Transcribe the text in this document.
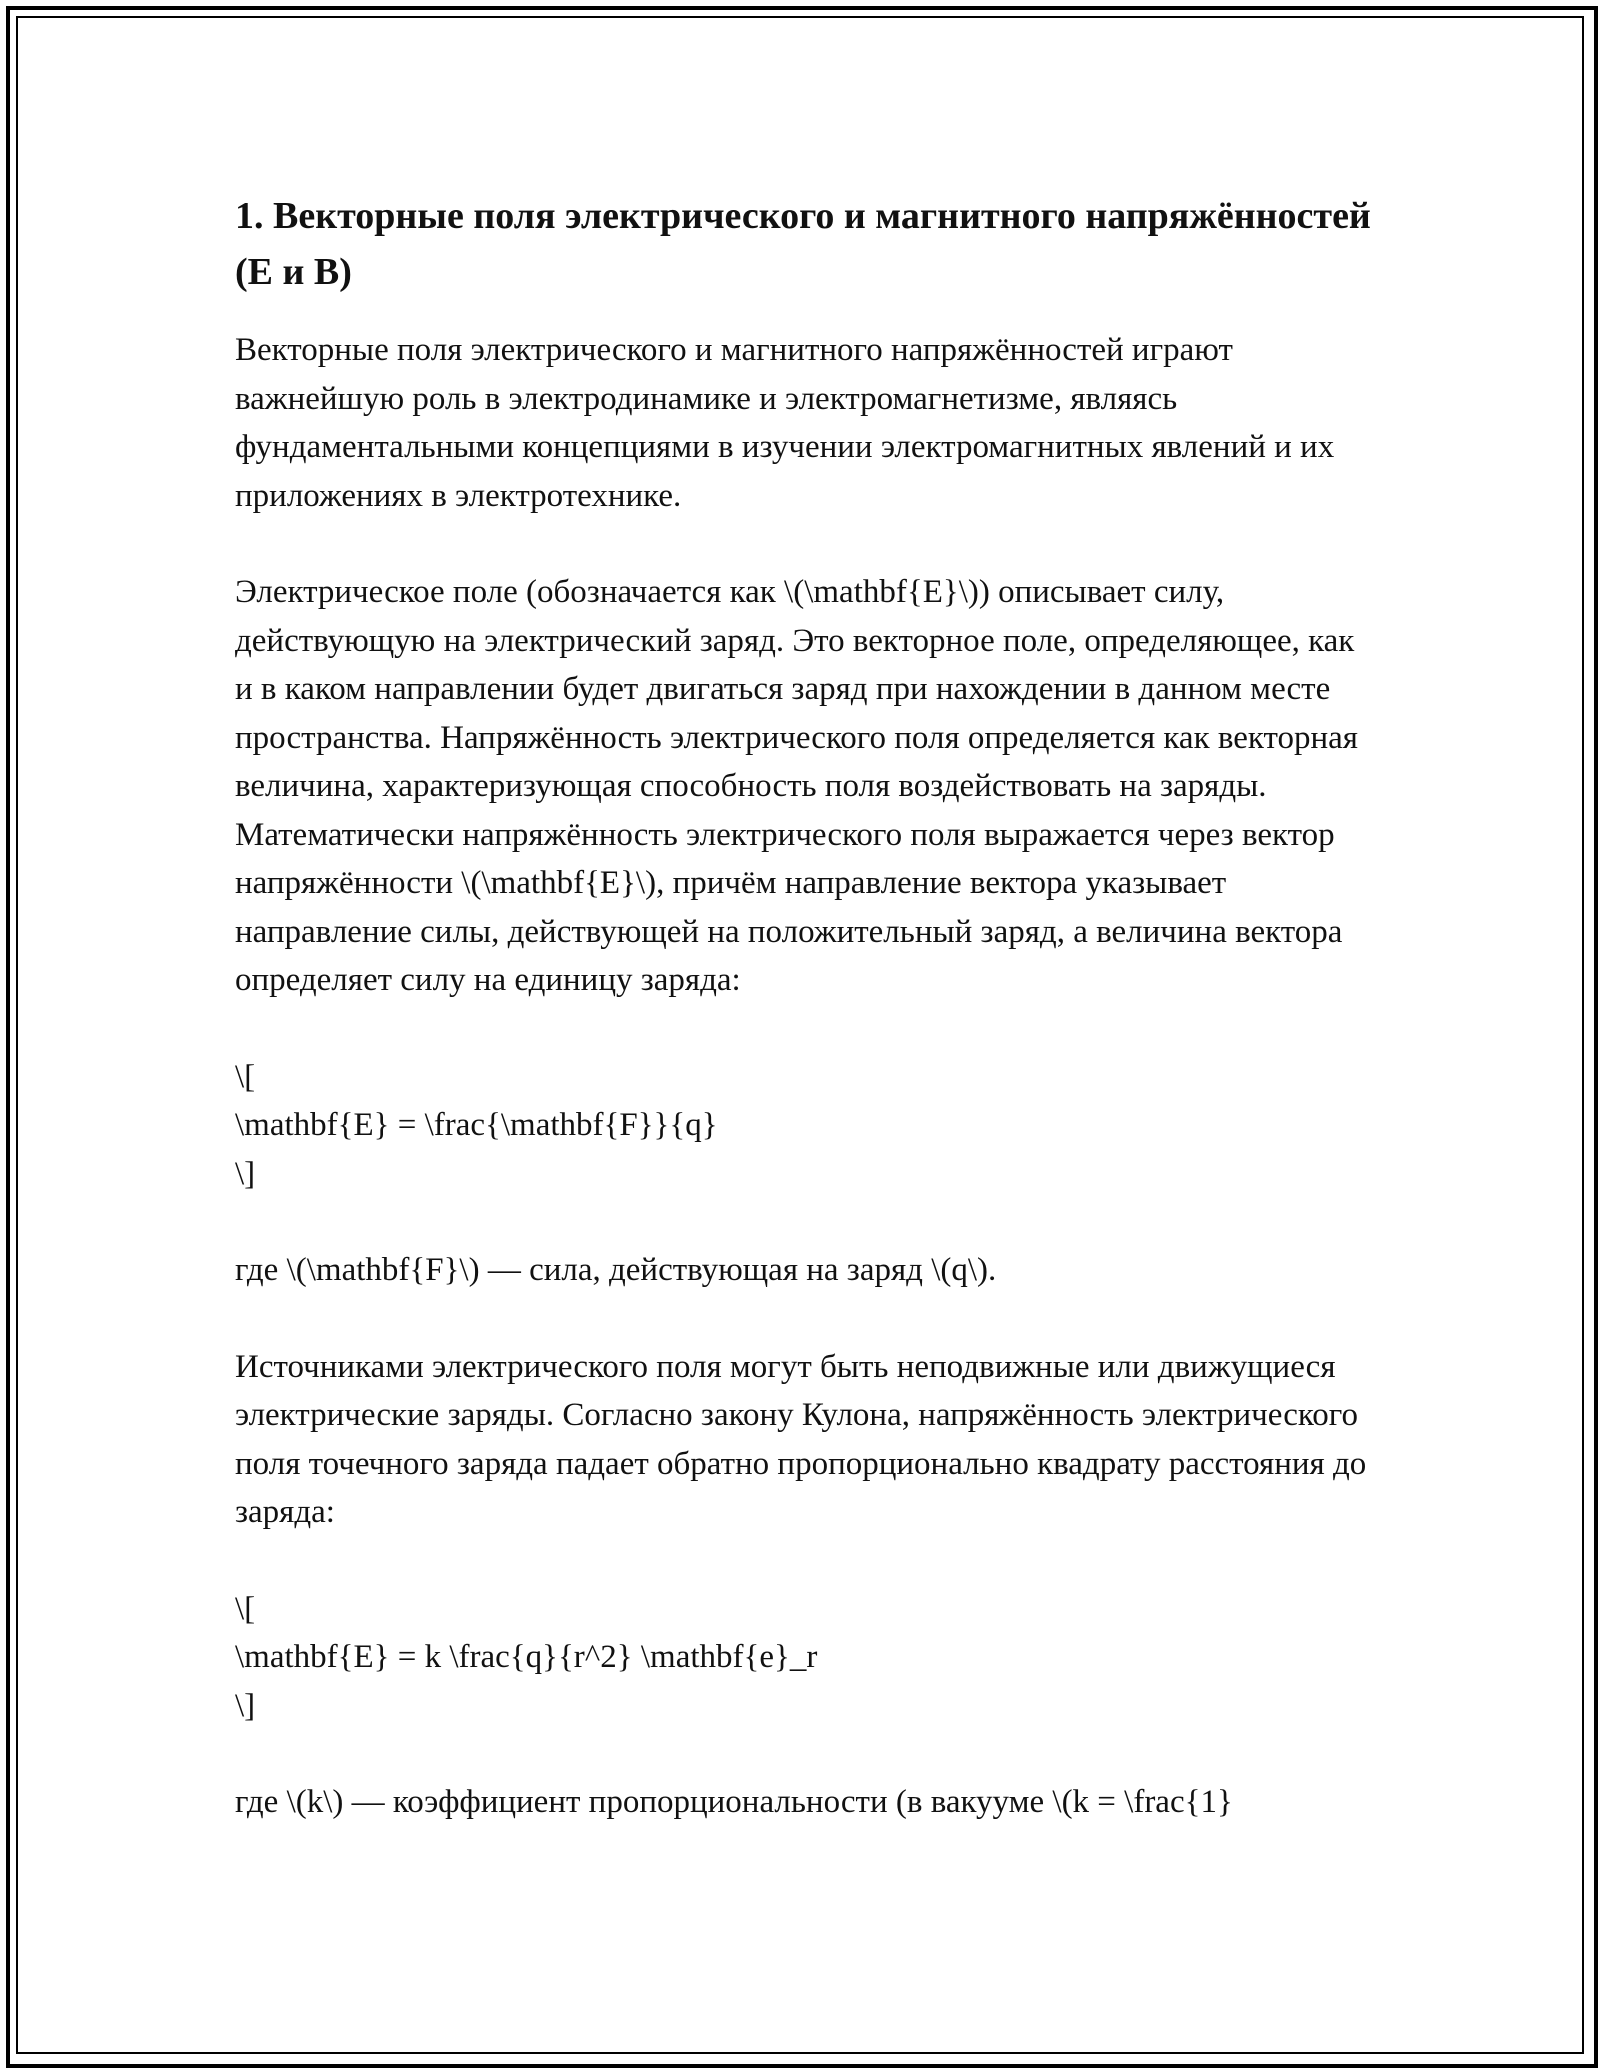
1. Векторные поля электрического и магнитного напряжённостей (E и B)

Векторные поля электрического и магнитного напряжённостей играют важнейшую роль в электродинамике и электромагнетизме, являясь фундаментальными концепциями в изучении электромагнитных явлений и их приложениях в электротехнике.

Электрическое поле (обозначается как \(\mathbf{E}\)) описывает силу, действующую на электрический заряд. Это векторное поле, определяющее, как и в каком направлении будет двигаться заряд при нахождении в данном месте пространства. Напряжённость электрического поля определяется как векторная величина, характеризующая способность поля воздействовать на заряды. Математически напряжённость электрического поля выражается через вектор напряжённости \(\mathbf{E}\), причём направление вектора указывает направление силы, действующей на положительный заряд, а величина вектора определяет силу на единицу заряда:

\[
\mathbf{E} = \frac{\mathbf{F}}{q}
\]

где \(\mathbf{F}\) — сила, действующая на заряд \(q\).

Источниками электрического поля могут быть неподвижные или движущиеся электрические заряды. Согласно закону Кулона, напряжённость электрического поля точечного заряда падает обратно пропорционально квадрату расстояния до заряда:

\[
\mathbf{E} = k \frac{q}{r^2} \mathbf{e}_r
\]

где \(k\) — коэффициент пропорциональности (в вакууме \(k = \frac{1}
